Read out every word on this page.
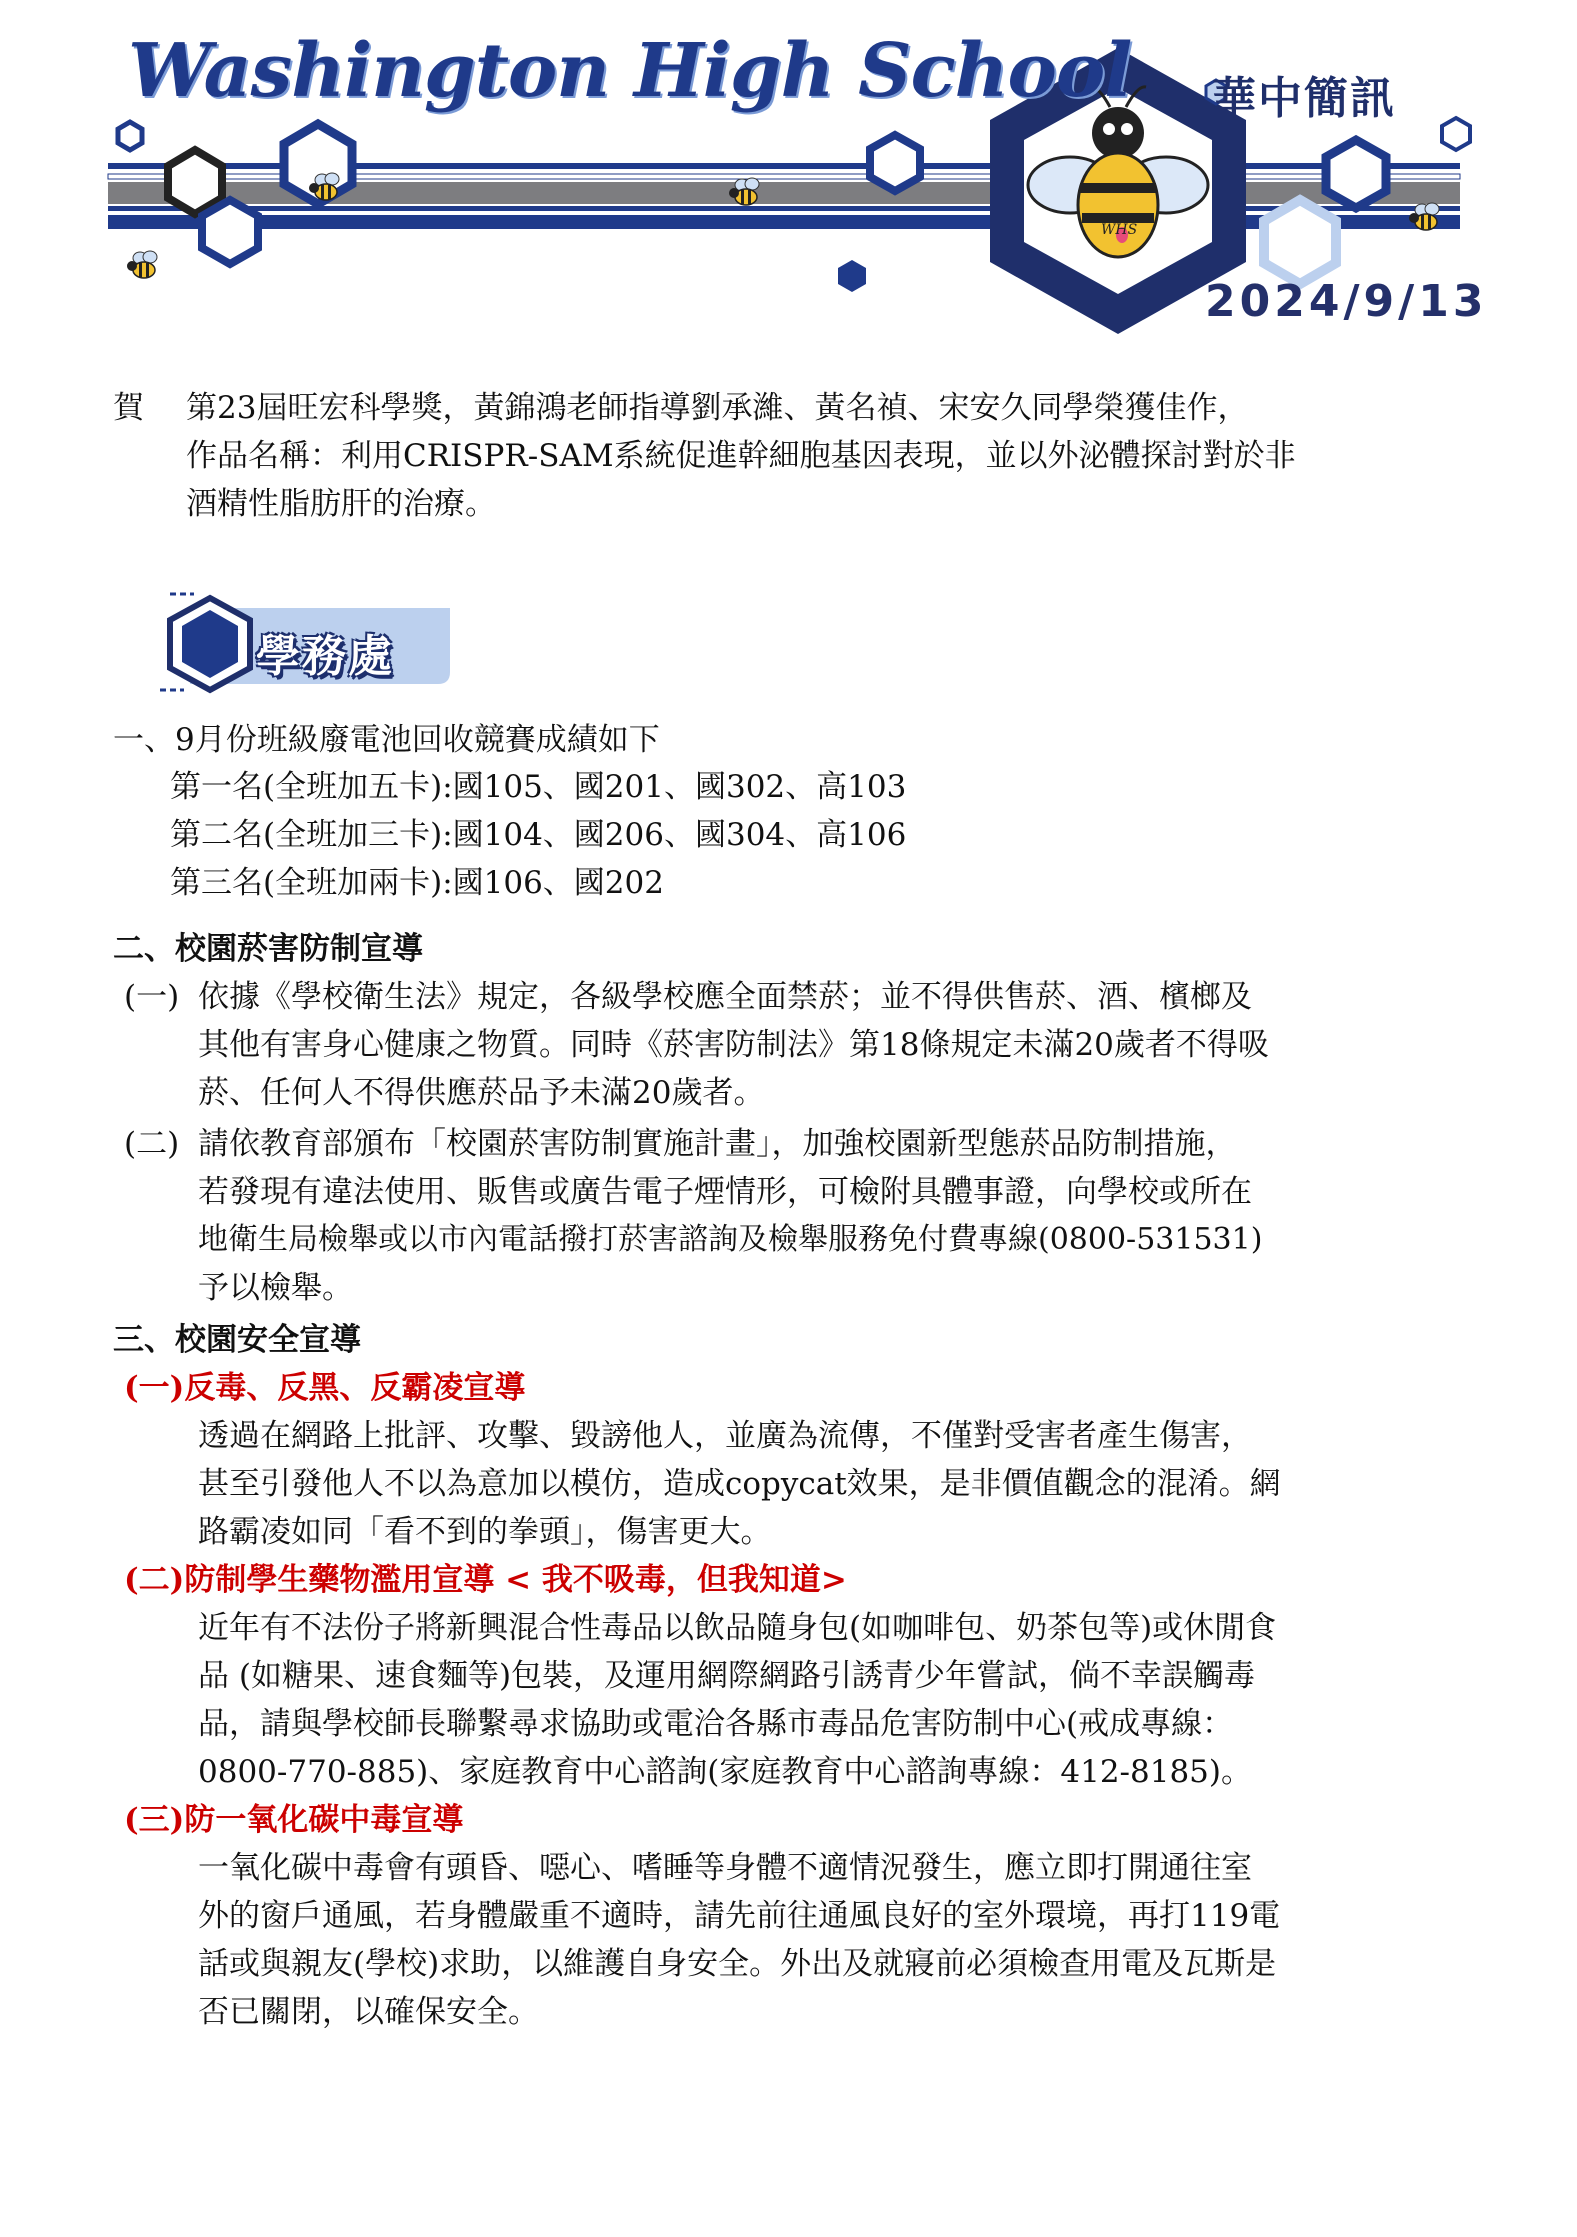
Washington High School
WHS
華中簡訊

2024/9/13

賀 第23屆旺宏科學獎，黃錦鴻老師指導劉承濰、黃名禎、宋安久同學榮獲佳作，

作品名稱：利用CRISPR-SAM系統促進幹細胞基因表現，並以外泌體探討對於非

酒精性脂肪肝的治療。

學務處

一、9月份班級廢電池回收競賽成績如下

第一名(全班加五卡):國105、國201、國302、高103

第二名(全班加三卡):國104、國206、國304、高106

第三名(全班加兩卡):國106、國202

二、校園菸害防制宣導

(一) 依據《學校衛生法》規定，各級學校應全面禁菸；並不得供售菸、酒、檳榔及

其他有害身心健康之物質。同時《菸害防制法》第18條規定未滿20歲者不得吸

菸、任何人不得供應菸品予未滿20歲者。

(二) 請依教育部頒布「校園菸害防制實施計畫」，加強校園新型態菸品防制措施，

若發現有違法使用、販售或廣告電子煙情形，可檢附具體事證，向學校或所在

地衛生局檢舉或以市內電話撥打菸害諮詢及檢舉服務免付費專線(0800-531531)

予以檢舉。

三、校園安全宣導

(一)反毒、反黑、反霸凌宣導

透過在網路上批評、攻擊、毀謗他人，並廣為流傳，不僅對受害者產生傷害，

甚至引發他人不以為意加以模仿，造成copycat效果，是非價值觀念的混淆。網

路霸凌如同「看不到的拳頭」，傷害更大。

(二)防制學生藥物濫用宣導 < 我不吸毒，但我知道>

近年有不法份子將新興混合性毒品以飲品隨身包(如咖啡包、奶茶包等)或休閒食

品 (如糖果、速食麵等)包裝，及運用網際網路引誘青少年嘗試，倘不幸誤觸毒

品，請與學校師長聯繫尋求協助或電洽各縣市毒品危害防制中心(戒成專線：

0800-770-885)、家庭教育中心諮詢(家庭教育中心諮詢專線：412-8185)。

(三)防一氧化碳中毒宣導

一氧化碳中毒會有頭昏、噁心、嗜睡等身體不適情況發生，應立即打開通往室

外的窗戶通風，若身體嚴重不適時，請先前往通風良好的室外環境，再打119電

話或與親友(學校)求助，以維護自身安全。外出及就寢前必須檢查用電及瓦斯是

否已關閉，以確保安全。
